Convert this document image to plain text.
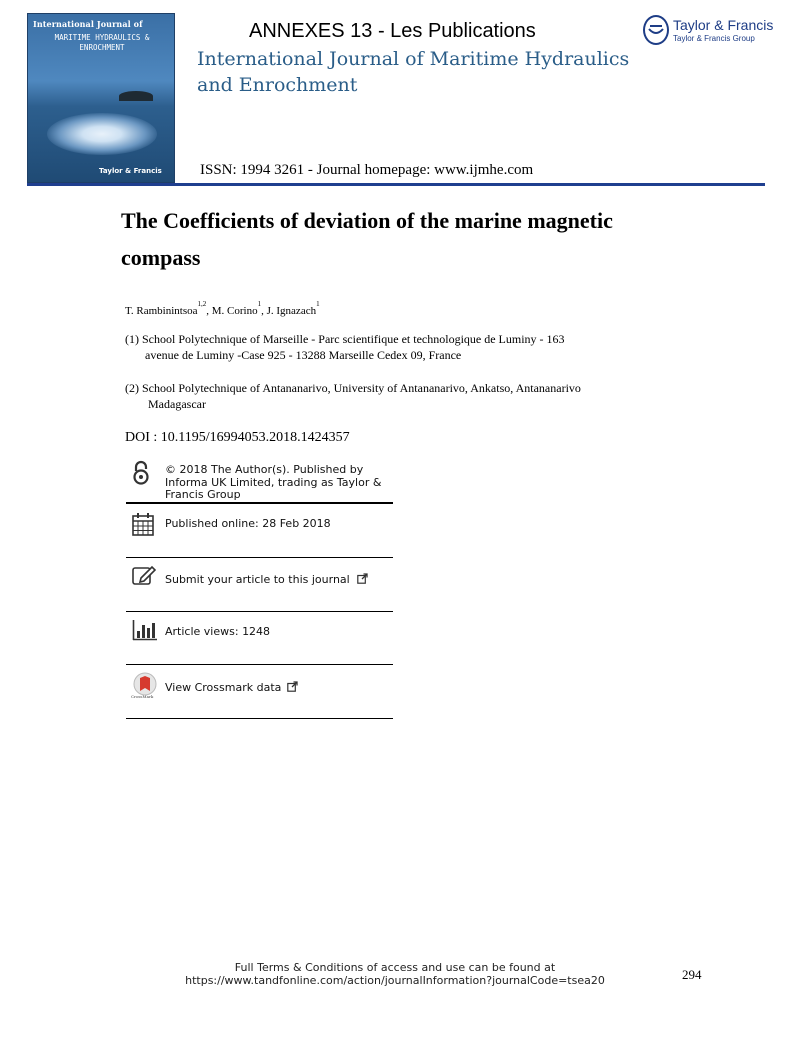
International Journal of
MARITIME HYDRAULICS & ENROCHMENT
Taylor & Francis
ANNEXES 13 - Les Publications
International Journal of Maritime Hydraulics and Enrochment
ISSN: 1994 3261 - Journal homepage: www.ijmhe.com
Taylor & Francis
Taylor & Francis Group
The Coefficients of deviation of the marine magnetic compass
T. Rambinintsoa$^{1,2}$, M. Corino$^1$, J. Ignazach$^1$
(1) School Polytechnique of Marseille - Parc scientifique et technologique de Luminy - 163
avenue de Luminy -Case 925 - 13288 Marseille Cedex 09, France
(2) School Polytechnique of Antananarivo, University of Antananarivo, Ankatso, Antananarivo
Madagascar
DOI : 10.1195/16994053.2018.1424357
© 2018 The Author(s). Published by Informa UK Limited, trading as Taylor & Francis Group
Published online: 28 Feb 2018
Submit your article to this journal
Article views: 1248
CrossMark
View Crossmark data
Full Terms & Conditions of access and use can be found at
https://www.tandfonline.com/action/journalInformation?journalCode=tsea20	294
